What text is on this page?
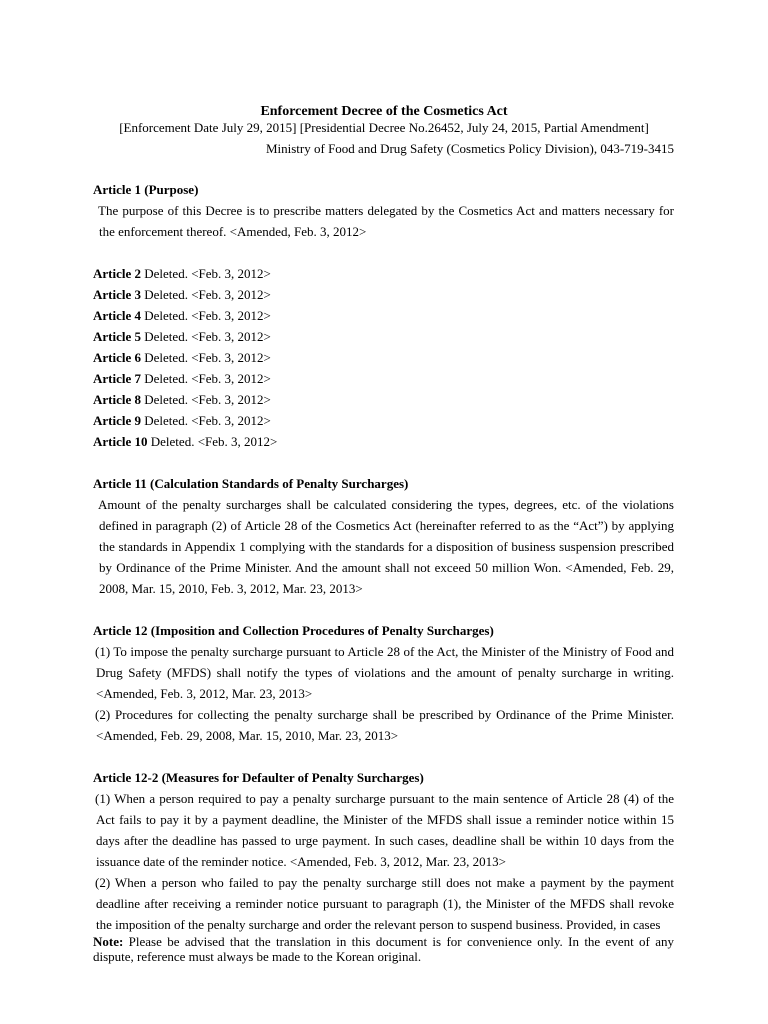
Enforcement Decree of the Cosmetics Act
[Enforcement Date July 29, 2015] [Presidential Decree No.26452, July 24, 2015, Partial Amendment]
Ministry of Food and Drug Safety (Cosmetics Policy Division), 043-719-3415
Article 1 (Purpose)
The purpose of this Decree is to prescribe matters delegated by the Cosmetics Act and matters necessary for the enforcement thereof. <Amended, Feb. 3, 2012>
Article 2 Deleted. <Feb. 3, 2012>
Article 3 Deleted. <Feb. 3, 2012>
Article 4 Deleted. <Feb. 3, 2012>
Article 5 Deleted. <Feb. 3, 2012>
Article 6 Deleted. <Feb. 3, 2012>
Article 7 Deleted. <Feb. 3, 2012>
Article 8 Deleted. <Feb. 3, 2012>
Article 9 Deleted. <Feb. 3, 2012>
Article 10 Deleted. <Feb. 3, 2012>
Article 11 (Calculation Standards of Penalty Surcharges)
Amount of the penalty surcharges shall be calculated considering the types, degrees, etc. of the violations defined in paragraph (2) of Article 28 of the Cosmetics Act (hereinafter referred to as the “Act”) by applying the standards in Appendix 1 complying with the standards for a disposition of business suspension prescribed by Ordinance of the Prime Minister. And the amount shall not exceed 50 million Won. <Amended, Feb. 29, 2008, Mar. 15, 2010, Feb. 3, 2012, Mar. 23, 2013>
Article 12 (Imposition and Collection Procedures of Penalty Surcharges)
(1) To impose the penalty surcharge pursuant to Article 28 of the Act, the Minister of the Ministry of Food and Drug Safety (MFDS) shall notify the types of violations and the amount of penalty surcharge in writing. <Amended, Feb. 3, 2012, Mar. 23, 2013>
(2) Procedures for collecting the penalty surcharge shall be prescribed by Ordinance of the Prime Minister. <Amended, Feb. 29, 2008, Mar. 15, 2010, Mar. 23, 2013>
Article 12-2 (Measures for Defaulter of Penalty Surcharges)
(1) When a person required to pay a penalty surcharge pursuant to the main sentence of Article 28 (4) of the Act fails to pay it by a payment deadline, the Minister of the MFDS shall issue a reminder notice within 15 days after the deadline has passed to urge payment. In such cases, deadline shall be within 10 days from the issuance date of the reminder notice. <Amended, Feb. 3, 2012, Mar. 23, 2013>
(2) When a person who failed to pay the penalty surcharge still does not make a payment by the payment deadline after receiving a reminder notice pursuant to paragraph (1), the Minister of the MFDS shall revoke the imposition of the penalty surcharge and order the relevant person to suspend business. Provided, in cases
Note: Please be advised that the translation in this document is for convenience only. In the event of any dispute, reference must always be made to the Korean original.
